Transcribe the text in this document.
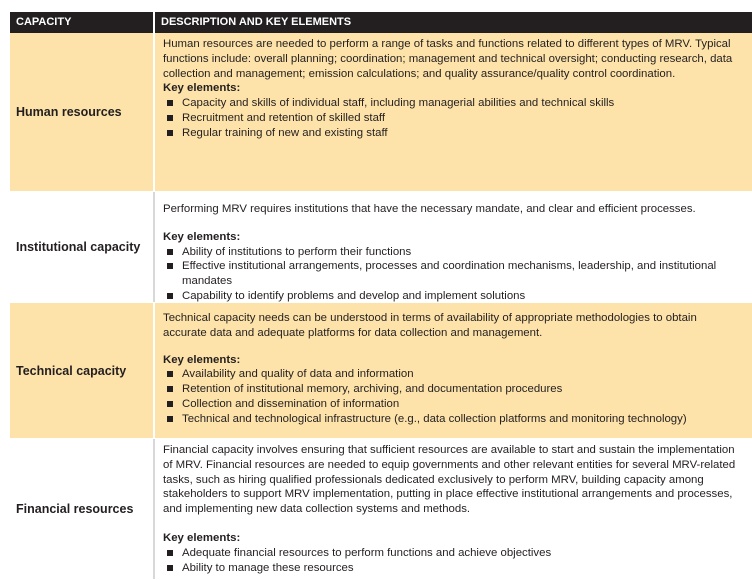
CAPACITY	DESCRIPTION AND KEY ELEMENTS
Human resources

Human resources are needed to perform a range of tasks and functions related to different types of MRV. Typical functions include: overall planning; coordination; management and technical oversight; conducting research, data collection and management; emission calculations; and quality assurance/quality control coordination.

Key elements:

Capacity and skills of individual staff, including managerial abilities and technical skills
Recruitment and retention of skilled staff
Regular training of new and existing staff
Institutional capacity

Performing MRV requires institutions that have the necessary mandate, and clear and efficient processes.

Key elements:

Ability of institutions to perform their functions
Effective institutional arrangements, processes and coordination mechanisms, leadership, and institutional mandates
Capability to identify problems and develop and implement solutions
Technical capacity

Technical capacity needs can be understood in terms of availability of appropriate methodologies to obtain accurate data and adequate platforms for data collection and management.

Key elements:

Availability and quality of data and information
Retention of institutional memory, archiving, and documentation procedures
Collection and dissemination of information
Technical and technological infrastructure (e.g., data collection platforms and monitoring technology)
Financial resources

Financial capacity involves ensuring that sufficient resources are available to start and sustain the implementation of MRV. Financial resources are needed to equip governments and other relevant entities for several MRV-related tasks, such as hiring qualified professionals dedicated exclusively to perform MRV, building capacity among stakeholders to support MRV implementation, putting in place effective institutional arrangements and processes, and implementing new data collection systems and methods.

Key elements:

Adequate financial resources to perform functions and achieve objectives
Ability to manage these resources
